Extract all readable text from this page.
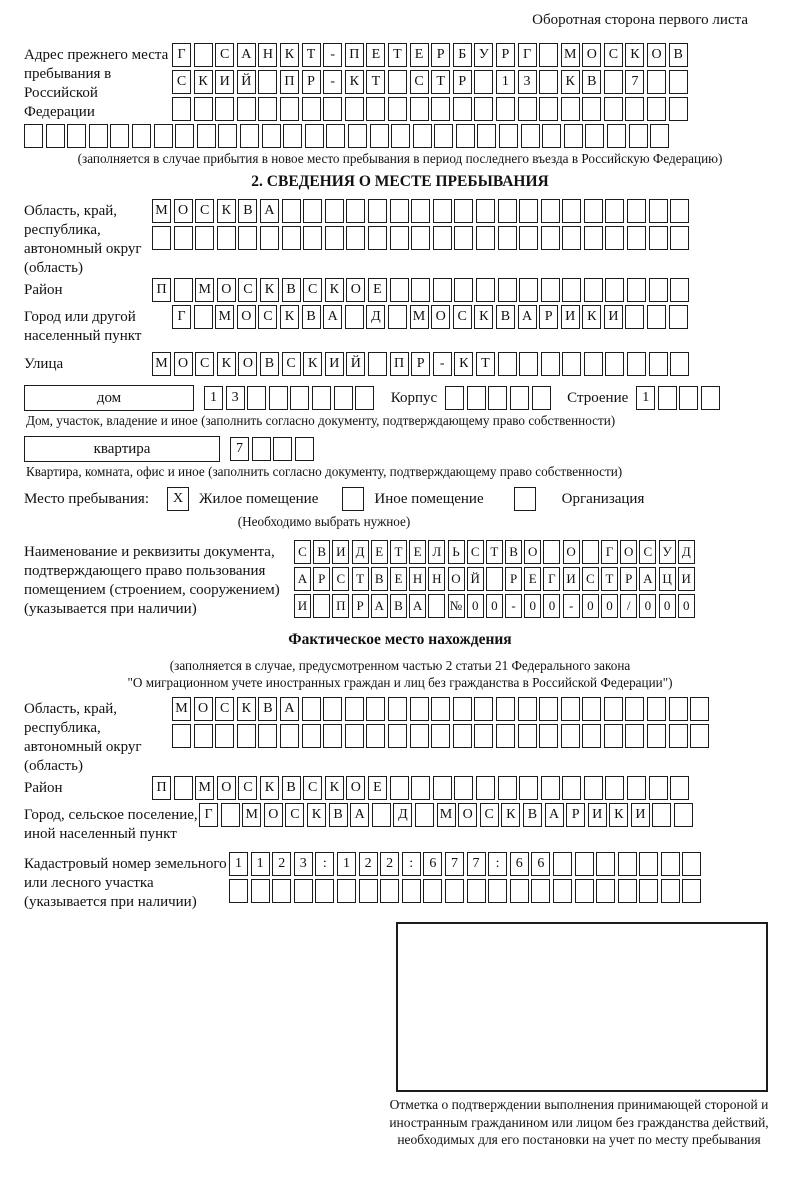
Оборотная сторона первого листа
Адрес прежнего места пребывания в Российской Федерации
Г	С А Н К Т	-	П Е Т Е Р Б У Р Г	М О С К О В
С К И Й	П Р	-	К Т	С Т Р	1	3	К В	7
(заполняется в случае прибытия в новое место пребывания в период последнего въезда в Российскую Федерацию)
2. СВЕДЕНИЯ О МЕСТЕ ПРЕБЫВАНИЯ
Область, край, республика, автономный округ (область)
М О С К В А
Район	П	М О С К В С К О Е
Город или другой населенный пункт
Г	М О С К В А	Д	М О С К В А Р И К И
Улица	М О С К О В С К И Й	П Р	-	К Т
дом	1	3	Корпус	Строение	1
Дом, участок, владение и иное (заполнить согласно документу, подтверждающему право собственности)
квартира	7
Квартира, комната, офис и иное (заполнить согласно документу, подтверждающему право собственности)
Место пребывания:	X	Жилое помещение	Иное помещение	Организация
(Необходимо выбрать нужное)
Наименование и реквизиты документа, подтверждающего право пользования помещением (строением, сооружением) (указывается при наличии)
С В И Д Е Т Е Л Ь С Т В О О	Г О С У Д
А Р С Т В Е Н Н О Й	Р Е Г И С Т Р А Ц И
И П Р А В А № 0 0	-	0 0	-	0 0	/	0 0 0
Фактическое место нахождения
(заполняется в случае, предусмотренном частью 2 статьи 21 Федерального закона
"О миграционном учете иностранных граждан и лиц без гражданства в Российской Федерации")
Область, край, республика, автономный округ (область)
М О С К В А
Район	П	М О С К В С К О Е
Город, сельское поселение, иной населенный пункт
Г	М О С К В А	Д	М О С К В А Р И К И
Кадастровый номер земельного или лесного участка (указывается при наличии)
1	1	2	3	:	1	2	2	:	6	7	7	:	6	6
Отметка о подтверждении выполнения принимающей стороной и иностранным гражданином или лицом без гражданства действий, необходимых для его постановки на учет по месту пребывания
